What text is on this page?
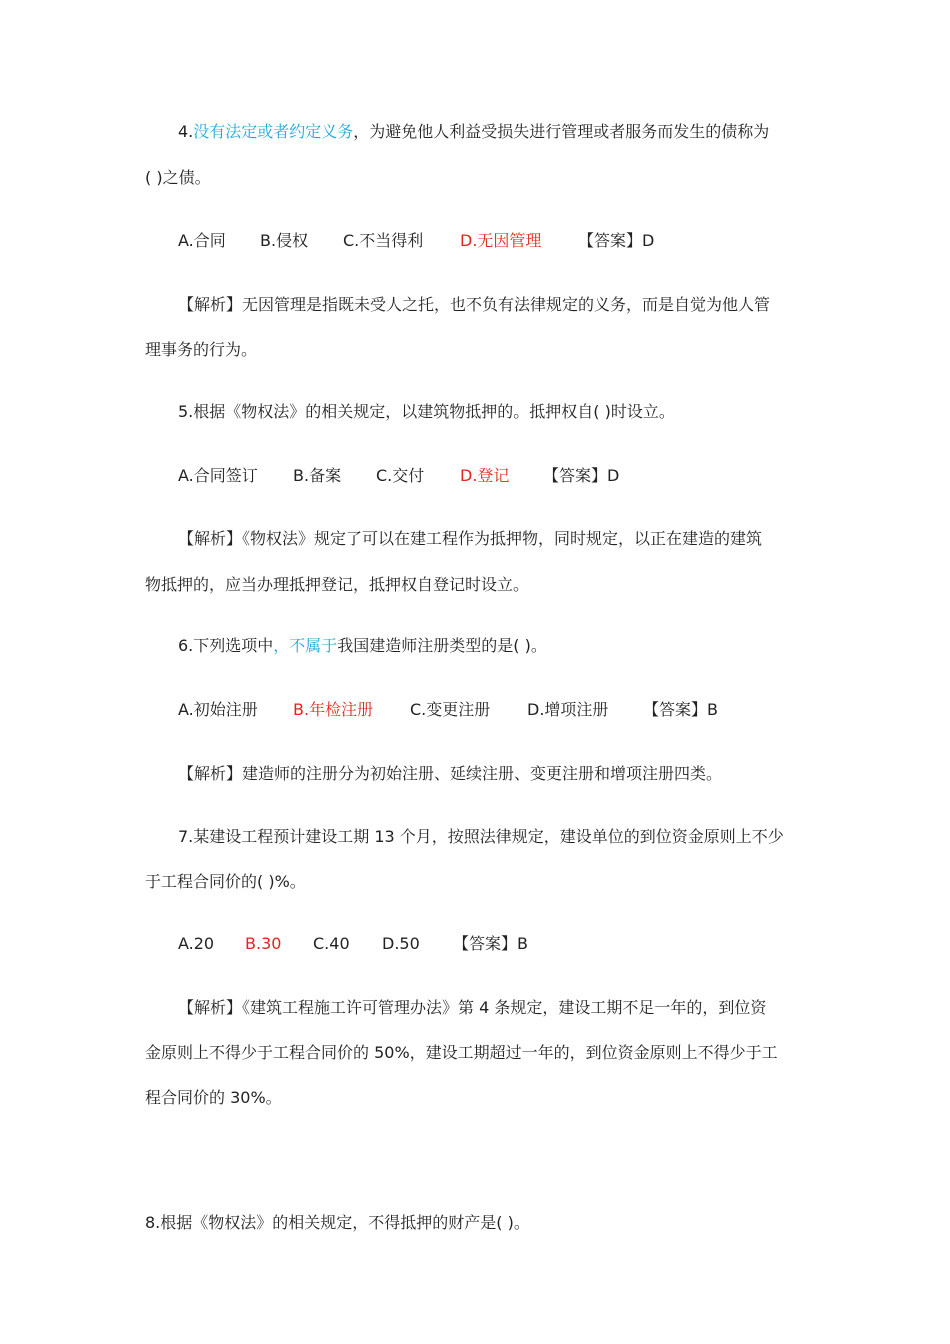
4.没有法定或者约定义务，为避免他人利益受损失进行管理或者服务而发生的债称为
( )之债。
A.合同 B.侵权 C.不当得利 D.无因管理 【答案】D
【解析】无因管理是指既未受人之托，也不负有法律规定的义务，而是自觉为他人管
理事务的行为。
5.根据《物权法》的相关规定，以建筑物抵押的。抵押权自( )时设立。
A.合同签订 B.备案 C.交付 D.登记 【答案】D
【解析】《物权法》规定了可以在建工程作为抵押物，同时规定，以正在建造的建筑
物抵押的，应当办理抵押登记，抵押权自登记时设立。
6.下列选项中，不属于我国建造师注册类型的是( )。
A.初始注册 B.年检注册 C.变更注册 D.增项注册 【答案】B
【解析】建造师的注册分为初始注册、延续注册、变更注册和增项注册四类。
7.某建设工程预计建设工期 13 个月，按照法律规定，建设单位的到位资金原则上不少
于工程合同价的( )%。
A.20 B.30 C.40 D.50 【答案】B
【解析】《建筑工程施工许可管理办法》第 4 条规定，建设工期不足一年的，到位资
金原则上不得少于工程合同价的 50%，建设工期超过一年的，到位资金原则上不得少于工
程合同价的 30%。
8.根据《物权法》的相关规定，不得抵押的财产是( )。
